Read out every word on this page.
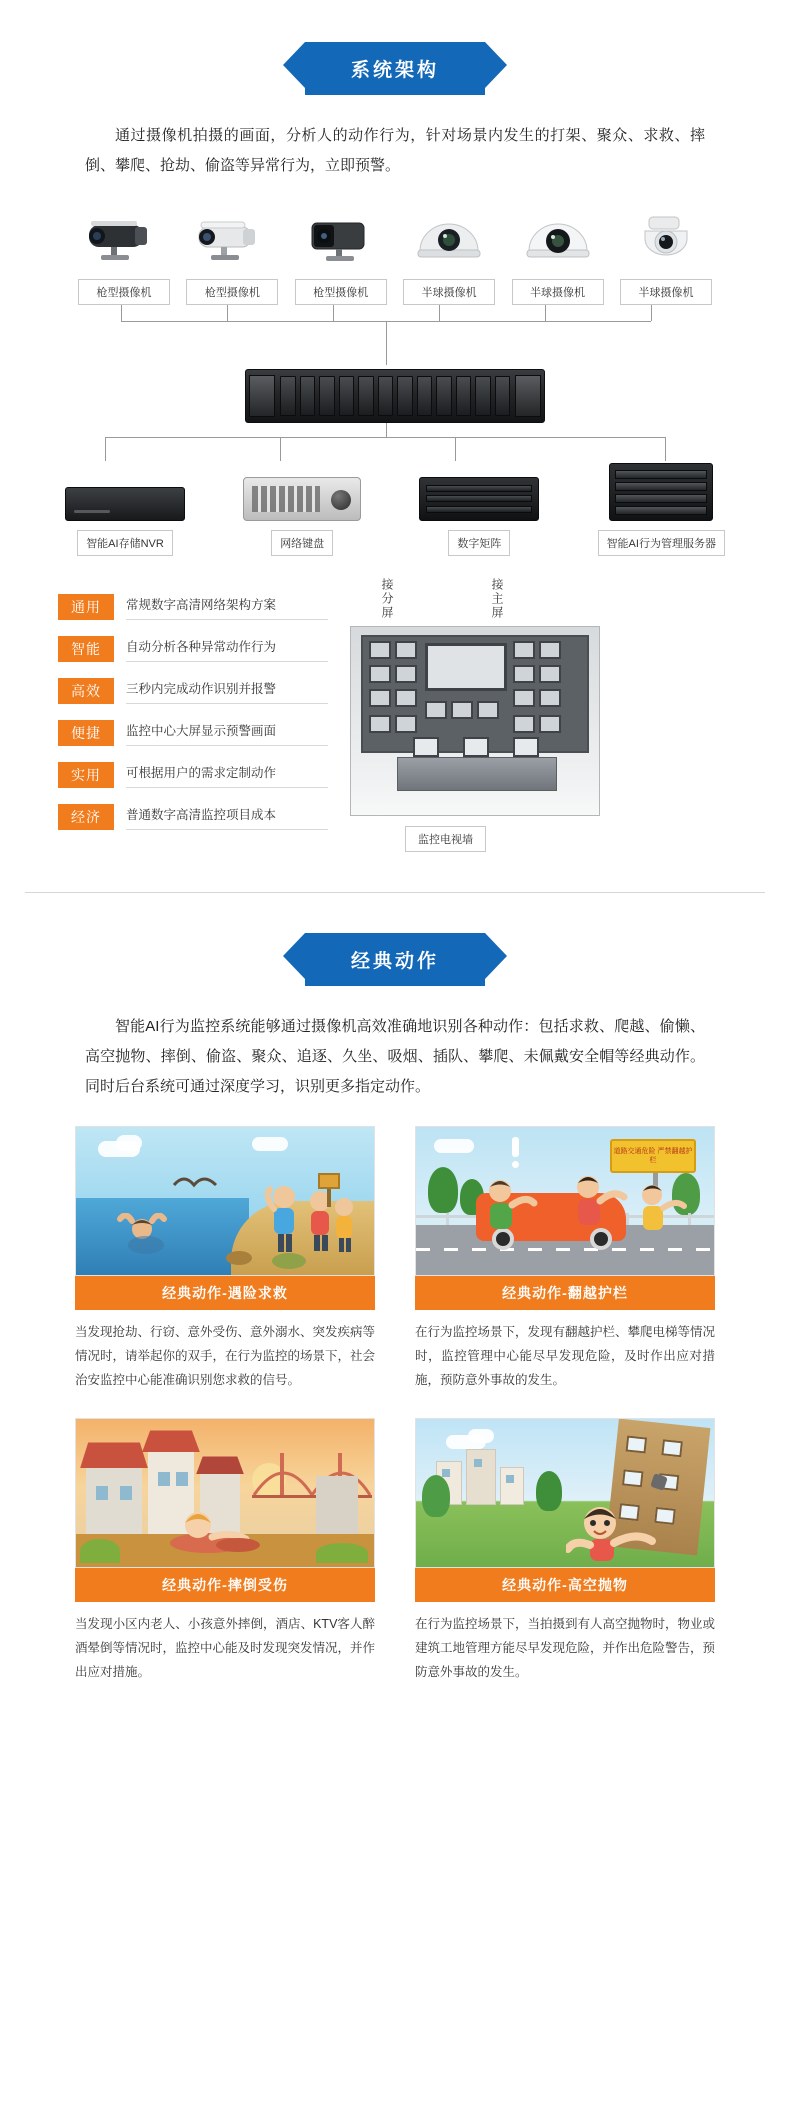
系统架构
通过摄像机拍摄的画面，分析人的动作行为，针对场景内发生的打架、聚众、求救、摔倒、攀爬、抢劫、偷盗等异常行为，立即预警。
枪型摄像机	枪型摄像机	枪型摄像机	半球摄像机	半球摄像机	半球摄像机
智能AI存储NVR	网络键盘	数字矩阵	智能AI行为管理服务器
通用	常规数字高清网络架构方案
智能	自动分析各种异常动作行为
高效	三秒内完成动作识别并报警
便捷	监控中心大屏显示预警画面
实用	可根据用户的需求定制动作
经济	普通数字高清监控项目成本
接分屏	接主屏
监控电视墙
经典动作
智能AI行为监控系统能够通过摄像机高效准确地识别各种动作：包括求救、爬越、偷懒、高空抛物、摔倒、偷盗、聚众、追逐、久坐、吸烟、插队、攀爬、未佩戴安全帽等经典动作。同时后台系统可通过深度学习，识别更多指定动作。
经典动作-遇险求救
当发现抢劫、行窃、意外受伤、意外溺水、突发疾病等情况时，请举起你的双手，在行为监控的场景下，社会治安监控中心能准确识别您求救的信号。
道路交通危险 严禁翻越护栏
经典动作-翻越护栏
在行为监控场景下，发现有翻越护栏、攀爬电梯等情况时，监控管理中心能尽早发现危险，及时作出应对措施，预防意外事故的发生。
经典动作-摔倒受伤
当发现小区内老人、小孩意外摔倒，酒店、KTV客人醉酒晕倒等情况时，监控中心能及时发现突发情况，并作出应对措施。
经典动作-高空抛物
在行为监控场景下，当拍摄到有人高空抛物时，物业或建筑工地管理方能尽早发现危险，并作出危险警告，预防意外事故的发生。
